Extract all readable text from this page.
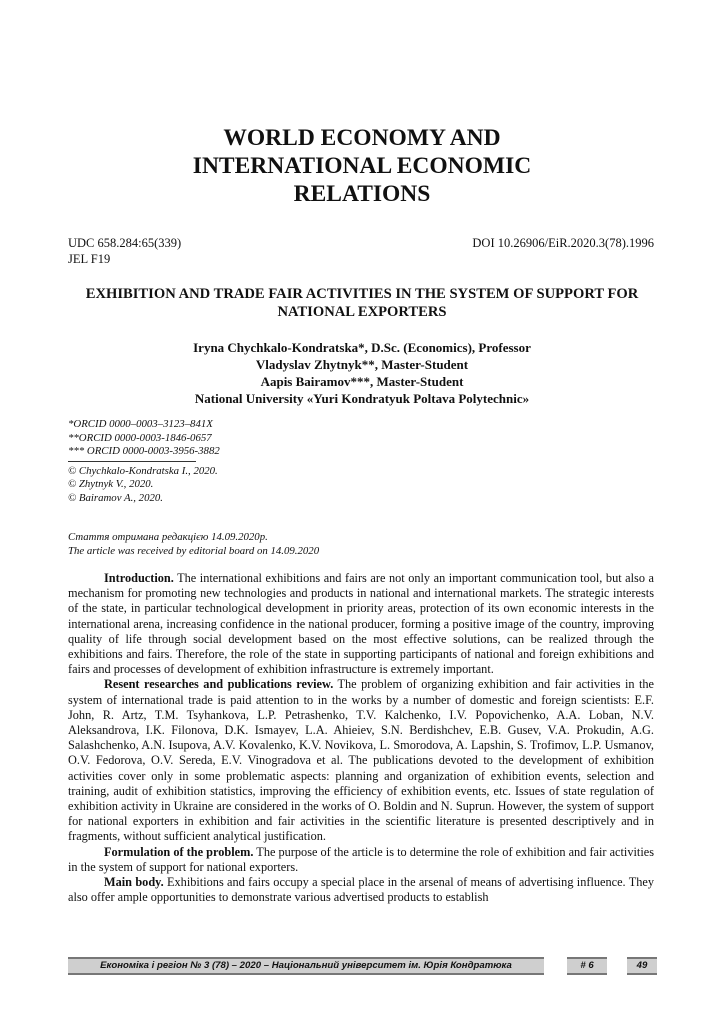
WORLD ECONOMY AND
INTERNATIONAL ECONOMIC
RELATIONS
UDC 658.284:65(339)
JEL F19
DOI 10.26906/EiR.2020.3(78).1996
EXHIBITION AND TRADE FAIR ACTIVITIES IN THE SYSTEM OF SUPPORT FOR NATIONAL EXPORTERS
Iryna Chychkalo-Kondratska*, D.Sc. (Economics), Professor
Vladyslav Zhytnyk**, Master-Student
Aapis Bairamov***, Master-Student
National University «Yuri Kondratyuk Poltava Polytechnic»
*ORCID 0000–0003–3123–841X
**ORCID 0000-0003-1846-0657
*** ORCID 0000-0003-3956-3882
© Chychkalo-Kondratska I., 2020.
© Zhytnyk V., 2020.
© Bairamov A., 2020.
Стаття отримана редакцією 14.09.2020р.
The article was received by editorial board on 14.09.2020

Introduction. The international exhibitions and fairs are not only an important communication tool, but also a mechanism for promoting new technologies and products in national and international markets. The strategic interests of the state, in particular technological development in priority areas, protection of its own economic interests in the international arena, increasing confidence in the national producer, forming a positive image of the country, improving quality of life through social development based on the most effective solutions, can be realized through the exhibitions and fairs. Therefore, the role of the state in supporting participants of national and foreign exhibitions and fairs and processes of development of exhibition infrastructure is extremely important.

Resent researches and publications review. The problem of organizing exhibition and fair activities in the system of international trade is paid attention to in the works by a number of domestic and foreign scientists: E.F. John, R. Artz, T.M. Tsyhankova, L.P. Petrashenko, T.V. Kalchenko, I.V. Popovichenko, A.A. Loban, N.V. Aleksandrova, I.K. Filonova, D.K. Ismayev, L.A. Ahieiev, S.N. Berdishchev, E.B. Gusev, V.A. Prokudin, A.G. Salashchenko, A.N. Isupova, A.V. Kovalenko, K.V. Novikova, L. Smorodova, A. Lapshin, S. Trofimov, L.P. Usmanov, O.V. Fedorova, O.V. Sereda, E.V. Vinogradova et al. The publications devoted to the development of exhibition activities cover only in some problematic aspects: planning and organization of exhibition events, selection and training, audit of exhibition statistics, improving the efficiency of exhibition events, etc. Issues of state regulation of exhibition activity in Ukraine are considered in the works of O. Boldin and N. Suprun. However, the system of support for national exporters in exhibition and fair activities in the scientific literature is presented descriptively and in fragments, without sufficient analytical justification.

Formulation of the problem. The purpose of the article is to determine the role of exhibition and fair activities in the system of support for national exporters.

Main body. Exhibitions and fairs occupy a special place in the arsenal of means of advertising influence. They also offer ample opportunities to demonstrate various advertised products to establish

Економіка і регіон № 3 (78) – 2020 – Національний університет ім. Юрія Кондратюка	# 6	49
